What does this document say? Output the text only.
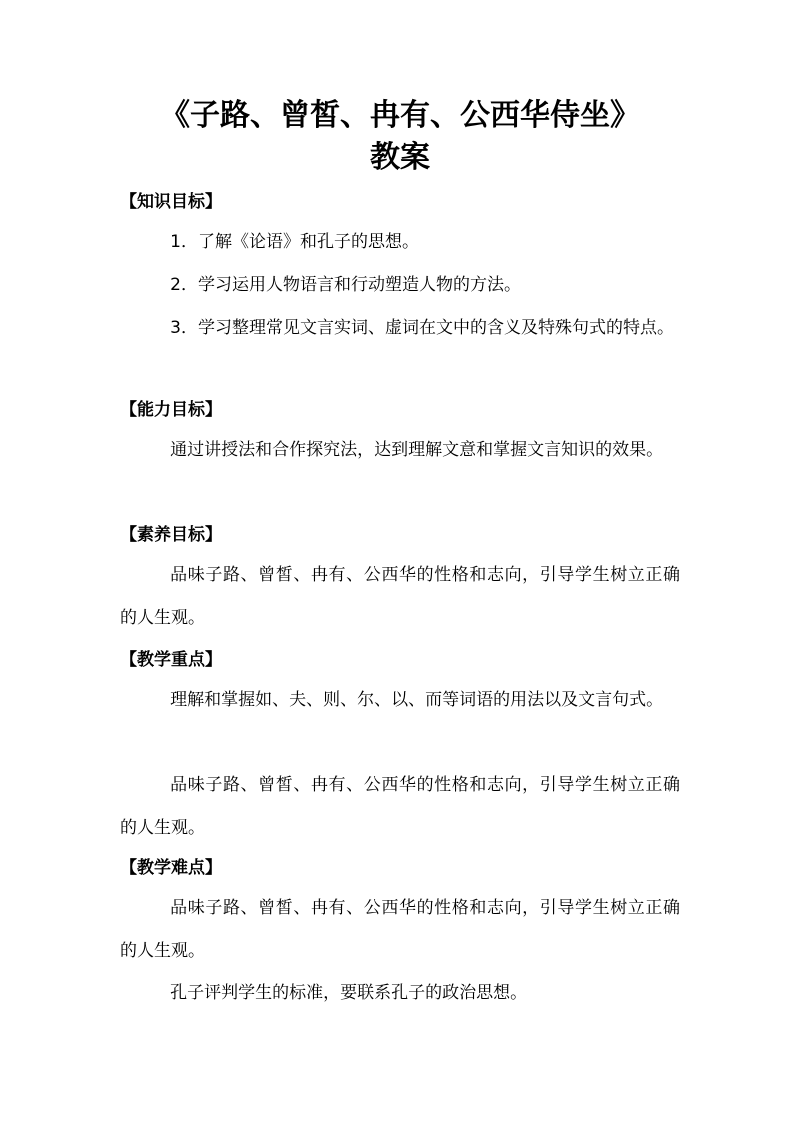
《子路、曾皙、冉有、公西华侍坐》
教案
【知识目标】
1．了解《论语》和孔子的思想。
2．学习运用人物语言和行动塑造人物的方法。
3．学习整理常见文言实词、虚词在文中的含义及特殊句式的特点。
【能力目标】
通过讲授法和合作探究法，达到理解文意和掌握文言知识的效果。
【素养目标】
品味子路、曾皙、冉有、公西华的性格和志向，引导学生树立正确的人生观。
【教学重点】
理解和掌握如、夫、则、尔、以、而等词语的用法以及文言句式。
品味子路、曾皙、冉有、公西华的性格和志向，引导学生树立正确的人生观。
【教学难点】
品味子路、曾皙、冉有、公西华的性格和志向，引导学生树立正确的人生观。
孔子评判学生的标准，要联系孔子的政治思想。
